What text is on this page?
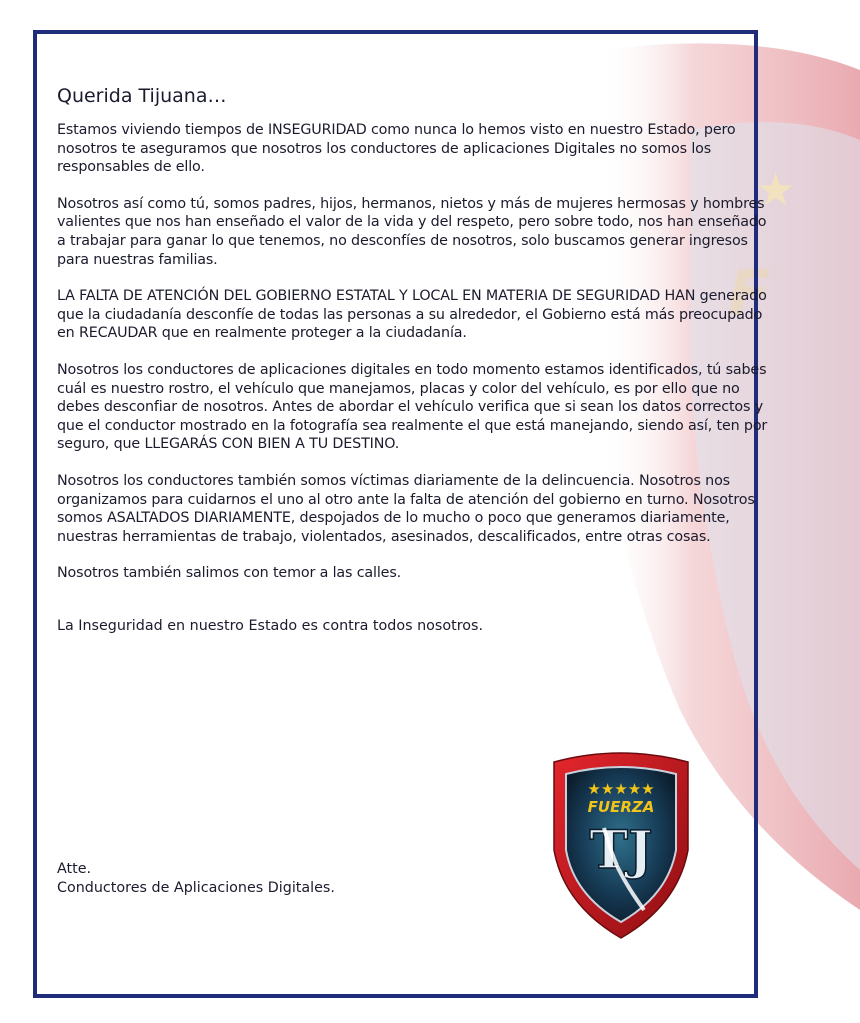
★
F
Querida Tijuana…

Estamos viviendo tiempos de INSEGURIDAD como nunca lo hemos visto en nuestro Estado, pero nosotros te aseguramos que nosotros los conductores de aplicaciones Digitales no somos los responsables de ello.

Nosotros así como tú, somos padres, hijos, hermanos, nietos y más de mujeres hermosas y hombres valientes que nos han enseñado el valor de la vida y del respeto, pero sobre todo, nos han enseñado a trabajar para ganar lo que tenemos, no desconfíes de nosotros, solo buscamos generar ingresos para nuestras familias.

LA FALTA DE ATENCIÓN DEL GOBIERNO ESTATAL Y LOCAL EN MATERIA DE SEGURIDAD HAN generado que la ciudadanía desconfíe de todas las personas a su alrededor, el Gobierno está más preocupado en RECAUDAR que en realmente proteger a la ciudadanía.

Nosotros los conductores de aplicaciones digitales en todo momento estamos identificados, tú sabes cuál es nuestro rostro, el vehículo que manejamos, placas y color del vehículo, es por ello que no debes desconfiar de nosotros. Antes de abordar el vehículo verifica que si sean los datos correctos y que el conductor mostrado en la fotografía sea realmente el que está manejando, siendo así, ten por seguro, que LLEGARÁS CON BIEN A TU DESTINO.

Nosotros los conductores también somos víctimas diariamente de la delincuencia. Nosotros nos organizamos para cuidarnos el uno al otro ante la falta de atención del gobierno en turno. Nosotros somos ASALTADOS DIARIAMENTE, despojados de lo mucho o poco que generamos diariamente, nuestras herramientas de trabajo, violentados, asesinados, descalificados, entre otras cosas.

Nosotros también salimos con temor a las calles.

La Inseguridad en nuestro Estado es contra todos nosotros.

Atte.
Conductores de Aplicaciones Digitales.
★★★★★
FUERZA
TJ
